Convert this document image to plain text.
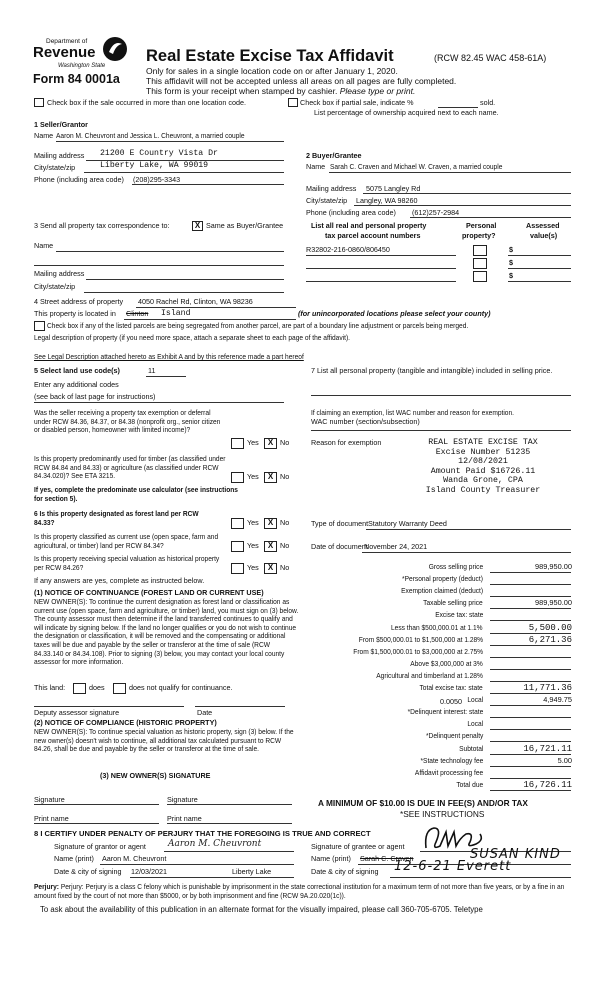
Department of
Revenue
Washington State
Form 84 0001a
Real Estate Excise Tax Affidavit	(RCW 82.45 WAC 458-61A)
Only for sales in a single location code on or after January 1, 2020.
This affidavit will not be accepted unless all areas on all pages are fully completed.
This form is your receipt when stamped by cashier. Please type or print.
Check box if the sale occurred in more than one location code.	Check box if partial sale, indicate %	sold.
List percentage of ownership acquired next to each name.
1 Seller/Grantor
Name Aaron M. Cheuvront and Jessica L. Cheuvront, a married couple
Mailing address 21200 E Country Vista Dr
City/state/zip	Liberty Lake, WA 99019
Phone (including area code) (208)295-3343
2 Buyer/Grantee
Name Sarah C. Craven and Michael W. Craven, a married couple
Mailing address 5075 Langley Rd
City/state/zip Langley, WA 98260
Phone (including area code) (612)257-2984
3 Send all property tax correspondence to:	X Same as Buyer/Grantee
Name
Mailing address
City/state/zip
List all real and personal property
tax parcel account numbers
Personal
property?
Assessed
value(s)
R32802-216-0860/806450	$
$
$
4 Street address of property 4050 Rachel Rd, Clinton, WA 98236
This property is located in Clinton Island	(for unincorporated locations please select your county)
Check box if any of the listed parcels are being segregated from another parcel, are part of a boundary line adjustment or parcels being merged.
Legal description of property (if you need more space, attach a separate sheet to each page of the affidavit).
See Legal Description attached hereto as Exhibit A and by this reference made a part hereof
5 Select land use code(s)	11
Enter any additional codes
(see back of last page for instructions)
Was the seller receiving a property tax exemption or deferral under RCW 84.36, 84.37, or 84.38 (nonprofit org., senior citizen or disabled person, homeowner with limited income)?
Yes	X No
Is this property predominantly used for timber (as classified under RCW 84.84 and 84.33) or agriculture (as classified under RCW 84.34.020)? See ETA 3215.	Yes	X No
If yes, complete the predominate use calculator (see instructions for section 5).
6 Is this property designated as forest land per RCW 84.33?	Yes	X No
Is this property classified as current use (open space, farm and agricultural, or timber) land per RCW 84.34?	Yes	X No
Is this property receiving special valuation as historical property per RCW 84.26?	Yes	X No
If any answers are yes, complete as instructed below.
(1) NOTICE OF CONTINUANCE (FOREST LAND OR CURRENT USE)
NEW OWNER(S): To continue the current designation as forest land or classification as current use (open space, farm and agriculture, or timber) land, you must sign on (3) below. The county assessor must then determine if the land transferred continues to qualify and will indicate by signing below. If the land no longer qualifies or you do not wish to continue the designation or classification, it will be removed and the compensating or additional taxes will be due and payable by the seller or transferor at the time of sale (RCW 84.33.140 or 84.34.108). Prior to signing (3) below, you may contact your local county assessor for more information.
This land:	does	does not qualify for continuance.
Deputy assessor signature	Date
(2) NOTICE OF COMPLIANCE (HISTORIC PROPERTY)
NEW OWNER(S): To continue special valuation as historic property, sign (3) below. If the new owner(s) doesn't wish to continue, all additional tax calculated pursuant to RCW 84.26, shall be due and payable by the seller or transferor at the time of sale.
(3) NEW OWNER(S) SIGNATURE
Signature	Signature
Print name	Print name
7 List all personal property (tangible and intangible) included in selling price.
If claiming an exemption, list WAC number and reason for exemption.
WAC number (section/subsection)
Reason for exemption	REAL ESTATE EXCISE TAX
Excise Number 51235
12/08/2021
Amount Paid $16726.11
Wanda Grone, CPA
Island County Treasurer
Type of document Statutory Warranty Deed
Date of document
November 24, 2021
Gross selling price	989,950.00
*Personal property (deduct)
Exemption claimed (deduct)
Taxable selling price	989,950.00
Excise tax: state
Less than $500,000.01 at 1.1%	5,500.00
From $500,000.01 to $1,500,000 at 1.28%	6,271.36
From $1,500,000.01 to $3,000,000 at 2.75%
Above $3,000,000 at 3%
Agricultural and timberland at 1.28%
Total excise tax: state	11,771.36
Local	4,949.75
*Delinquent interest: state
Local
*Delinquent penalty
Subtotal	16,721.11
*State technology fee	5.00
Affidavit processing fee
Total due	16,726.11
0.0050
A MINIMUM OF $10.00 IS DUE IN FEE(S) AND/OR TAX
*SEE INSTRUCTIONS
8 I CERTIFY UNDER PENALTY OF PERJURY THAT THE FOREGOING IS TRUE AND CORRECT
Signature of grantor or agent Aaron M. Cheuvront
Name (print) Aaron M. Cheuvront
Date & city of signing 12/03/2021	Liberty Lake
Signature of grantee or agent
Name (print) Sarah C. Craven	SUSAN KIND
Date & city of signing 12-6-21 Everett
Perjury: Perjury: Perjury is a class C felony which is punishable by imprisonment in the state correctional institution for a maximum term of not more than five years, or by a fine in an amount fixed by the court of not more than $5000, or by both imprisonment and fine (RCW 9A.20.020(1c)).
To ask about the availability of this publication in an alternate format for the visually impaired, please call 360-705-6705. Teletype
